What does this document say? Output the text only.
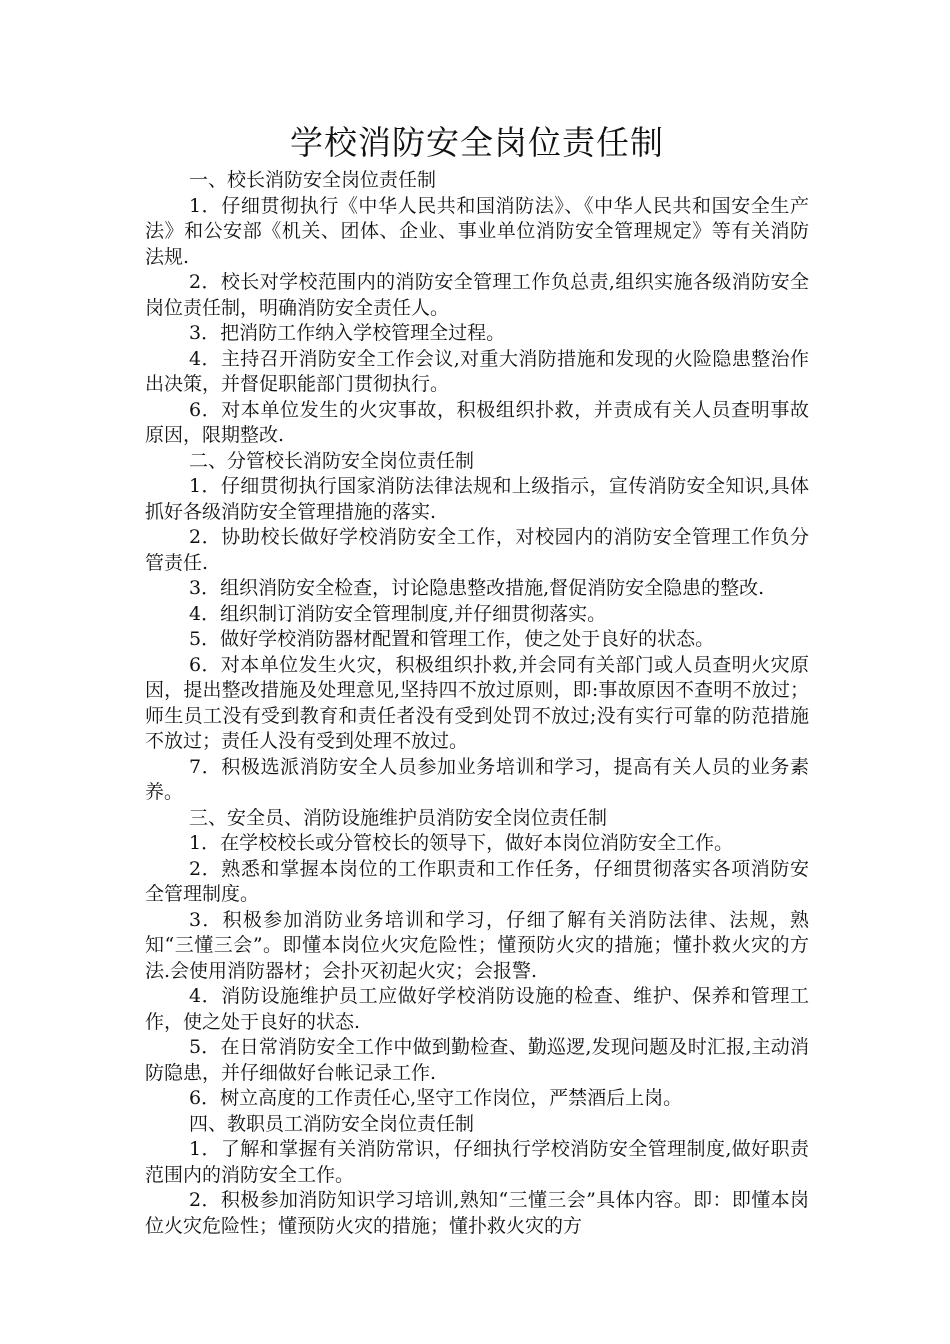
学校消防安全岗位责任制

一、校长消防安全岗位责任制

1．仔细贯彻执行《中华人民共和国消防法》、《中华人民共和国安全生产法》和公安部《机关、团体、企业、事业单位消防安全管理规定》等有关消防法规.

2．校长对学校范围内的消防安全管理工作负总责,组织实施各级消防安全岗位责任制，明确消防安全责任人。

3．把消防工作纳入学校管理全过程。

4．主持召开消防安全工作会议,对重大消防措施和发现的火险隐患整治作出决策，并督促职能部门贯彻执行。

6．对本单位发生的火灾事故，积极组织扑救，并责成有关人员查明事故原因，限期整改.

二、分管校长消防安全岗位责任制

1．仔细贯彻执行国家消防法律法规和上级指示，宣传消防安全知识,具体抓好各级消防安全管理措施的落实.

2．协助校长做好学校消防安全工作，对校园内的消防安全管理工作负分管责任.

3．组织消防安全检查，讨论隐患整改措施,督促消防安全隐患的整改.

4．组织制订消防安全管理制度,并仔细贯彻落实。

5．做好学校消防器材配置和管理工作，使之处于良好的状态。

6．对本单位发生火灾，积极组织扑救,并会同有关部门或人员查明火灾原因，提出整改措施及处理意见,坚持四不放过原则，即:事故原因不查明不放过；师生员工没有受到教育和责任者没有受到处罚不放过;没有实行可靠的防范措施不放过；责任人没有受到处理不放过。

7．积极选派消防安全人员参加业务培训和学习，提高有关人员的业务素养。

三、安全员、消防设施维护员消防安全岗位责任制

1．在学校校长或分管校长的领导下，做好本岗位消防安全工作。

2．熟悉和掌握本岗位的工作职责和工作任务，仔细贯彻落实各项消防安全管理制度。

3．积极参加消防业务培训和学习，仔细了解有关消防法律、法规，熟知“三懂三会”。即懂本岗位火灾危险性；懂预防火灾的措施；懂扑救火灾的方法.会使用消防器材；会扑灭初起火灾；会报警.

4．消防设施维护员工应做好学校消防设施的检查、维护、保养和管理工作，使之处于良好的状态.

5．在日常消防安全工作中做到勤检查、勤巡逻,发现问题及时汇报,主动消防隐患，并仔细做好台帐记录工作.

6．树立高度的工作责任心,坚守工作岗位，严禁酒后上岗。

四、教职员工消防安全岗位责任制

1．了解和掌握有关消防常识，仔细执行学校消防安全管理制度,做好职责范围内的消防安全工作。

2．积极参加消防知识学习培训,熟知“三懂三会”具体内容。即：即懂本岗位火灾危险性；懂预防火灾的措施；懂扑救火灾的方
